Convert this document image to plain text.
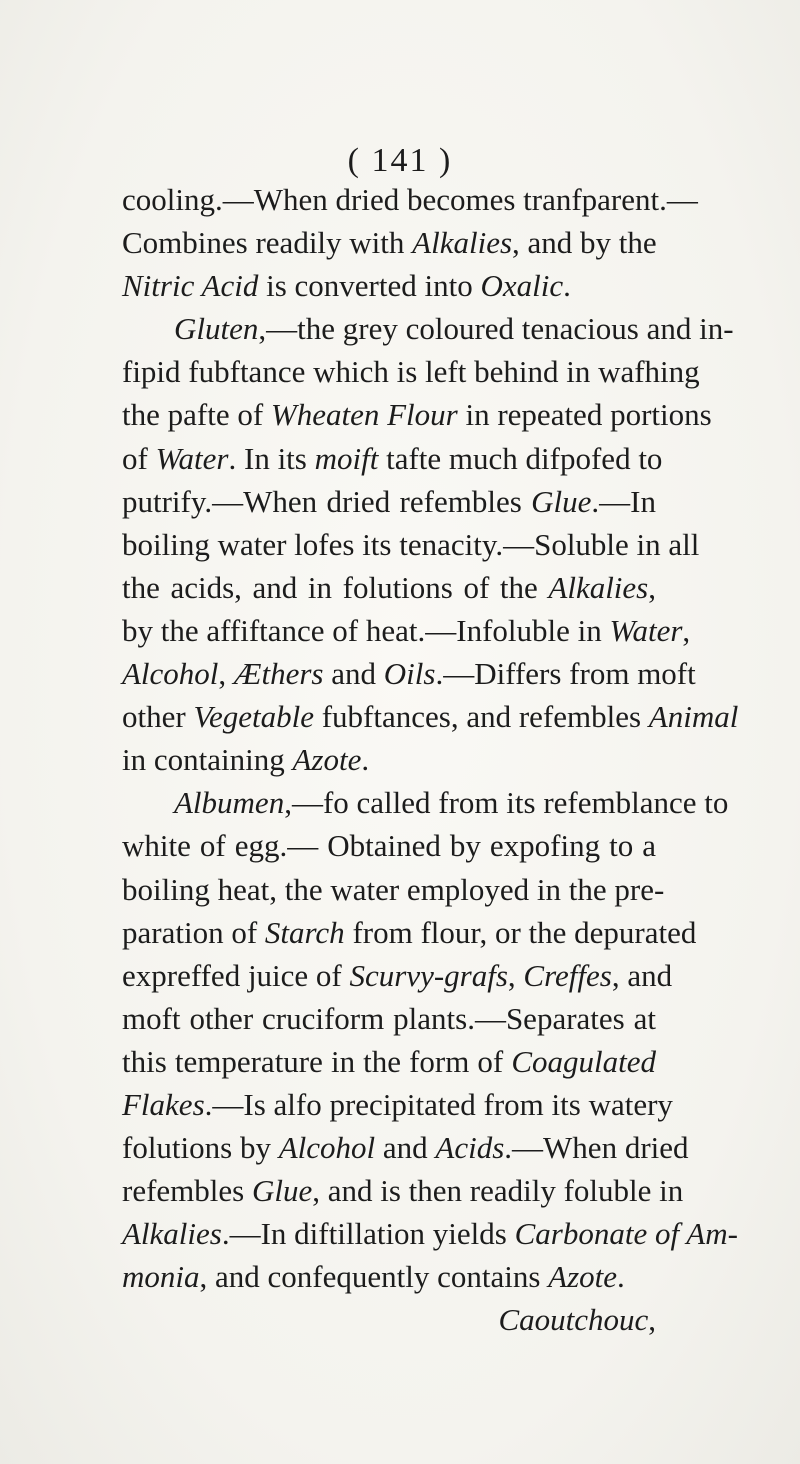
( 141 )
cooling.—When dried becomes tranfparent.—
Combines readily with Alkalies, and by the
Nitric Acid is converted into Oxalic.
Gluten,—the grey coloured tenacious and in-
fipid fubftance which is left behind in wafhing
the pafte of Wheaten Flour in repeated portions
of Water. In its moift tafte much difpofed to
putrify.—When dried refembles Glue.—In
boiling water lofes its tenacity.—Soluble in all
the acids, and in folutions of the Alkalies,
by the affiftance of heat.—Infoluble in Water,
Alcohol, Æthers and Oils.—Differs from moft
other Vegetable fubftances, and refembles Animal
in containing Azote.
Albumen,—fo called from its refemblance to
white of egg.— Obtained by expofing to a
boiling heat, the water employed in the pre-
paration of Starch from flour, or the depurated
expreffed juice of Scurvy-grafs, Creffes, and
moft other cruciform plants.—Separates at
this temperature in the form of Coagulated
Flakes.—Is alfo precipitated from its watery
folutions by Alcohol and Acids.—When dried
refembles Glue, and is then readily foluble in
Alkalies.—In diftillation yields Carbonate of Am-
monia, and confequently contains Azote.
Caoutchouc,
